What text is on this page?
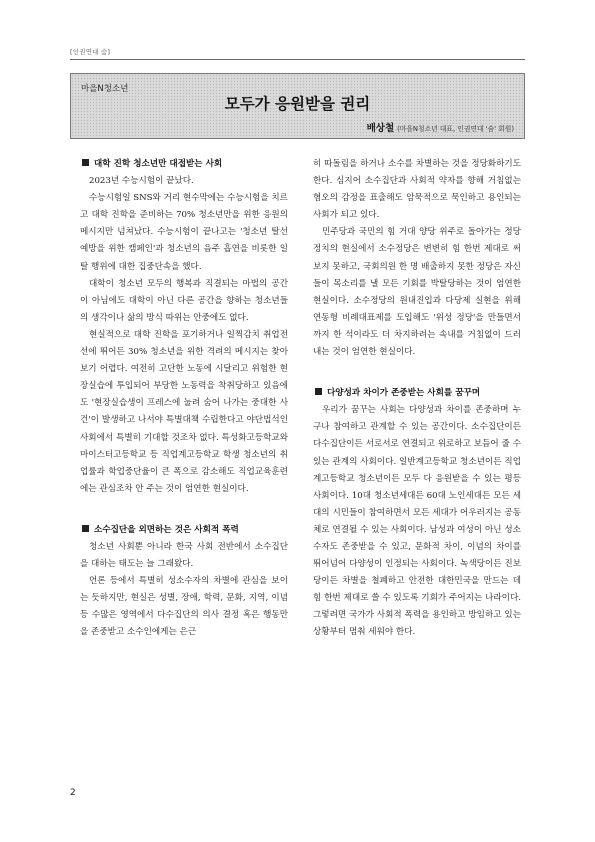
[인권연대 숨]
마을N청소년
모두가 응원받을 권리
배상철 (마을N청소년 대표, 인권연대 '숨' 회원)
대학 진학 청소년만 대접받는 사회

2023년 수능시험이 끝났다.

수능시험일 SNS와 거리 현수막에는 수능시험을 치르고 대학 진학을 준비하는 70% 청소년만을 위한 응원의 메시지만 넘쳐났다. 수능시험이 끝나고는 '청소년 탈선 예방을 위한 캠페인'과 청소년의 음주 흡연을 비롯한 일탈 행위에 대한 집중단속을 했다.

대학이 청소년 모두의 행복과 직결되는 마법의 공간이 아님에도 대학이 아닌 다른 공간을 향하는 청소년들의 생각이나 삶의 방식 따위는 안중에도 없다.

현실적으로 대학 진학을 포기하거나 일찍감치 취업전선에 뛰어든 30% 청소년을 위한 격려의 메시지는 찾아보기 어렵다. 여전히 고단한 노동에 시달리고 위험한 현장실습에 투입되어 부당한 노동력을 착취당하고 있음에도 '현장실습생이 프레스에 눌려 숨어 나가는 중대한 사건'이 발생하고 나서야 특별대책 수립한다고 야단법석인 사회에서 특별히 기대할 것조차 없다. 특성화고등학교와 마이스터고등학교 등 직업계고등학교 학생 청소년의 취업률과 학업중단율이 큰 폭으로 감소해도 직업교육훈련에는 관심조차 안 주는 것이 엄연한 현실이다.

소수집단을 외면하는 것은 사회적 폭력

청소년 사회뿐 아니라 한국 사회 전반에서 소수집단을 대하는 태도는 늘 그래왔다.

언론 등에서 특별히 성소수자의 차별에 관심을 보이는 듯하지만, 현실은 성별, 장애, 학력, 문화, 지역, 이념 등 수많은 영역에서 다수집단의 의사 결정 혹은 행동만을 존중받고 소수인에게는 은근

히 따돌림을 하거나 소수를 차별하는 것을 정당화하기도 한다. 심지어 소수집단과 사회적 약자를 향해 거침없는 혐오의 감정을 표출해도 암묵적으로 묵인하고 용인되는 사회가 되고 있다.

민주당과 국민의 힘 거대 양당 위주로 돌아가는 정당정치의 현실에서 소수정당은 변변히 힘 한번 제대로 써보지 못하고, 국회의원 한 명 배출하지 못한 정당은 자신들이 목소리를 낼 모든 기회를 박탈당하는 것이 엄연한 현실이다. 소수정당의 원내진입과 다당제 실현을 위해 연동형 비례대표제를 도입해도 '위성 정당'을 만들면서까지 한 석이라도 더 차지하려는 속내를 거침없이 드러내는 것이 엄연한 현실이다.

다양성과 차이가 존중받는 사회를 꿈꾸며

우리가 꿈꾸는 사회는 다양성과 차이를 존중하며 누구나 참여하고 관계할 수 있는 공간이다. 소수집단이든 다수집단이든 서로서로 연결되고 위로하고 보듬어 줄 수 있는 관계의 사회이다. 일반계고등학교 청소년이든 직업계고등학교 청소년이든 모두 다 응원받을 수 있는 평등사회이다. 10대 청소년세대든 60대 노인세대든 모든 세대의 시민들이 참여하면서 모든 세대가 어우러지는 공동체로 연결될 수 있는 사회이다. 남성과 여성이 아닌 성소수자도 존중받을 수 있고, 문화적 차이, 이념의 차이를 뛰어넘어 다양성이 인정되는 사회이다. 녹색당이든 진보당이든 차별을 철폐하고 안전한 대한민국을 만드는 데 힘 한번 제대로 쓸 수 있도록 기회가 주어지는 나라이다. 그렇려면 국가가 사회적 폭력을 용인하고 방임하고 있는 상황부터 멈춰 세워야 한다.

2
